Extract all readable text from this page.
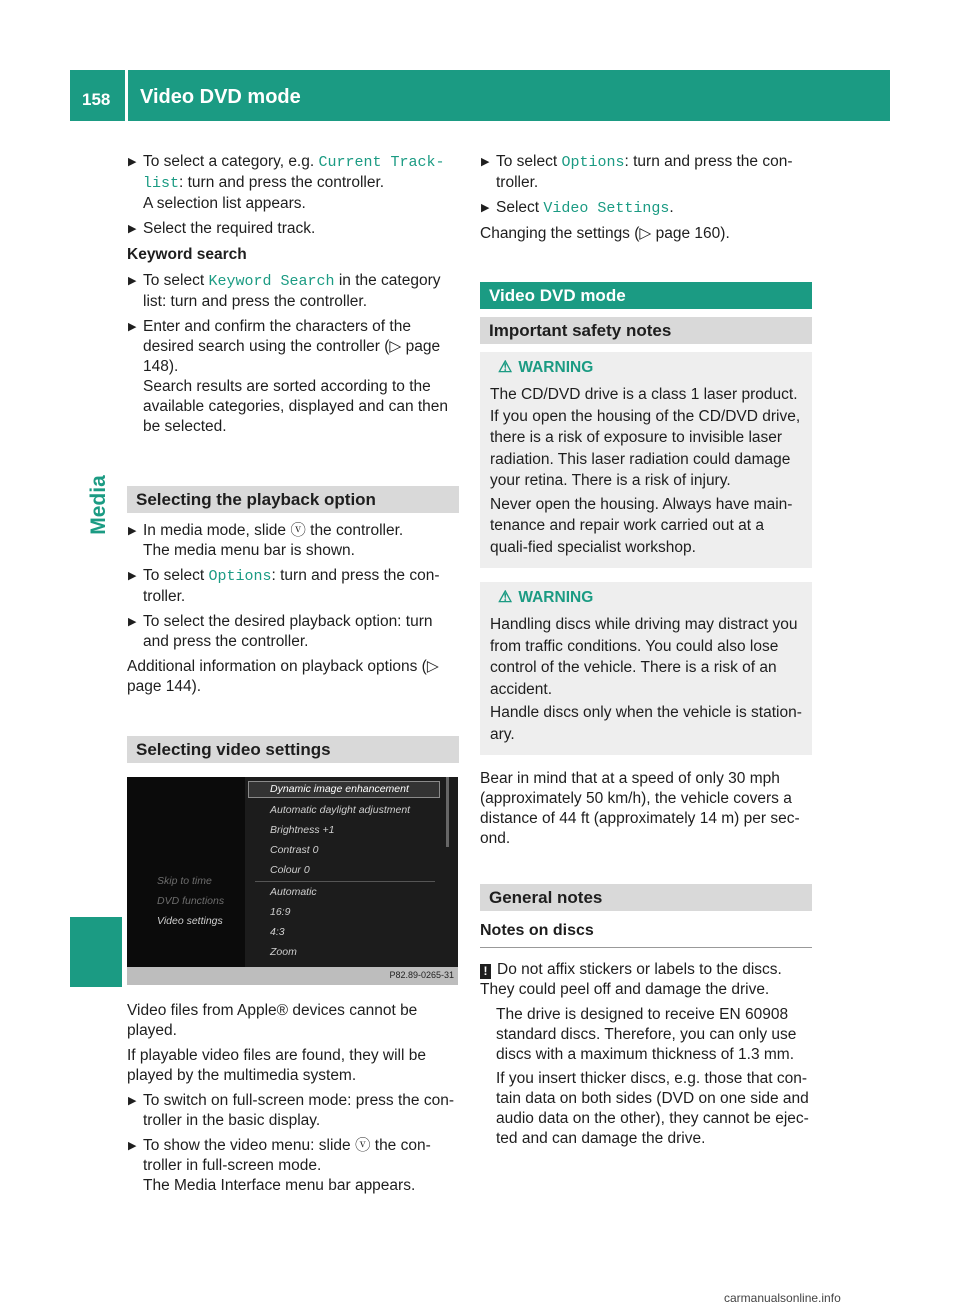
158 Video DVD mode
Media
▶ To select a category, e.g. Current Track‐list: turn and press the controller.
A selection list appears.
▶ Select the required track.
Keyword search
▶ To select Keyword Search in the category list: turn and press the controller.
▶ Enter and confirm the characters of the desired search using the controller (▷ page 148).
Search results are sorted according to the available categories, displayed and can then be selected.
Selecting the playback option
▶ In media mode, slide ⓥ the controller.
The media menu bar is shown.
▶ To select Options: turn and press the con‐troller.
▶ To select the desired playback option: turn and press the controller.

Additional information on playback options (▷ page 144).

Selecting video settings
Skip to time
DVD functions
Video settings
Dynamic image enhancement
Automatic daylight adjustment
Brightness +1
Contrast 0
Colour 0
Automatic
16:9
4:3
Zoom
P82.89-0265-31

Video files from Apple® devices cannot be played.

If playable video files are found, they will be played by the multimedia system.

▶ To switch on full-screen mode: press the con‐troller in the basic display.
▶ To show the video menu: slide ⓥ the con‐troller in full-screen mode.
The Media Interface menu bar appears.
▶ To select Options: turn and press the con‐troller.
▶ Select Video Settings.

Changing the settings (▷ page 160).

Video DVD mode
Important safety notes
⚠ WARNING

The CD/DVD drive is a class 1 laser product. If you open the housing of the CD/DVD drive, there is a risk of exposure to invisible laser radiation. This laser radiation could damage your retina. There is a risk of injury.

Never open the housing. Always have main‐tenance and repair work carried out at a quali‐fied specialist workshop.

⚠ WARNING

Handling discs while driving may distract you from traffic conditions. You could also lose control of the vehicle. There is a risk of an accident.

Handle discs only when the vehicle is station‐ary.

Bear in mind that at a speed of only 30 mph (approximately 50 km/h), the vehicle covers a distance of 44 ft (approximately 14 m) per sec‐ond.

General notes
Notes on discs
! Do not affix stickers or labels to the discs. They could peel off and damage the drive.

The drive is designed to receive EN 60908 standard discs. Therefore, you can only use discs with a maximum thickness of 1.3 mm.

If you insert thicker discs, e.g. those that con‐tain data on both sides (DVD on one side and audio data on the other), they cannot be ejec‐ted and can damage the drive.

carmanualsonline.info
